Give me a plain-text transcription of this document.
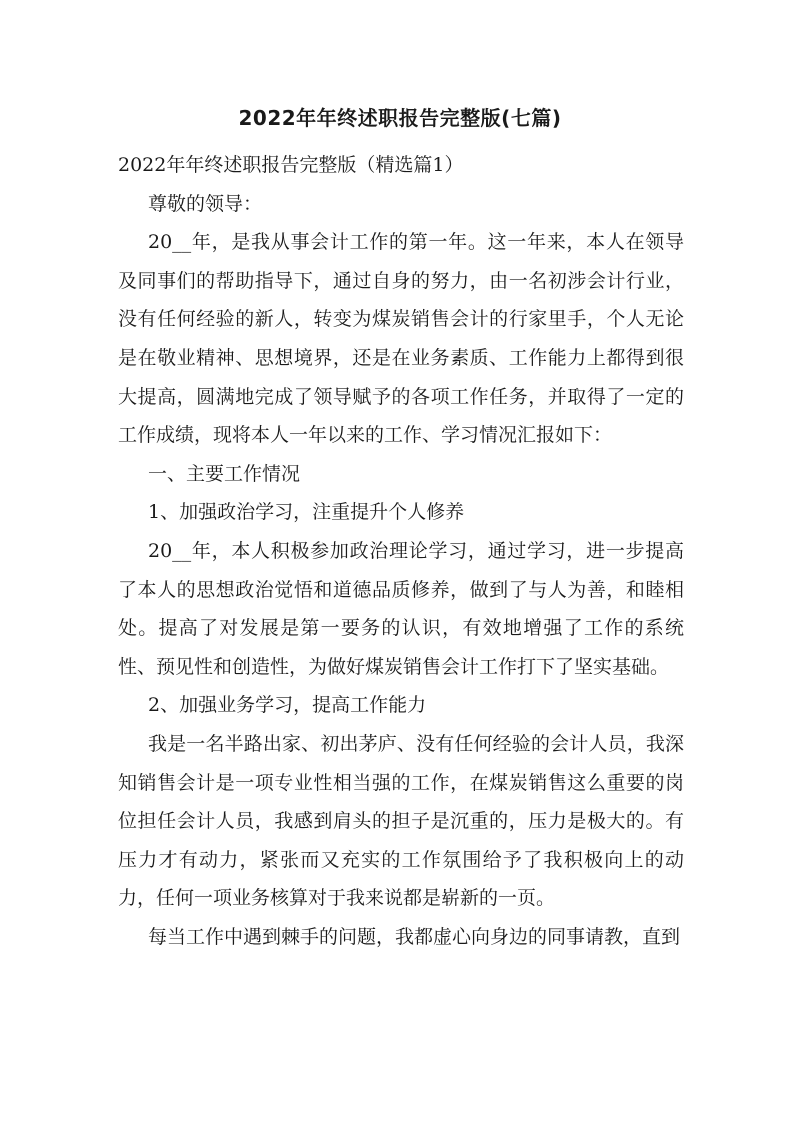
2022年年终述职报告完整版(七篇)

2022年年终述职报告完整版（精选篇1）

尊敬的领导：

20__年，是我从事会计工作的第一年。这一年来，本人在领导及同事们的帮助指导下，通过自身的努力，由一名初涉会计行业，没有任何经验的新人，转变为煤炭销售会计的行家里手，个人无论是在敬业精神、思想境界，还是在业务素质、工作能力上都得到很大提高，圆满地完成了领导赋予的各项工作任务，并取得了一定的工作成绩，现将本人一年以来的工作、学习情况汇报如下：

一、主要工作情况

1、加强政治学习，注重提升个人修养

20__年，本人积极参加政治理论学习，通过学习，进一步提高了本人的思想政治觉悟和道德品质修养，做到了与人为善，和睦相处。提高了对发展是第一要务的认识，有效地增强了工作的系统性、预见性和创造性，为做好煤炭销售会计工作打下了坚实基础。

2、加强业务学习，提高工作能力

我是一名半路出家、初出茅庐、没有任何经验的会计人员，我深知销售会计是一项专业性相当强的工作，在煤炭销售这么重要的岗位担任会计人员，我感到肩头的担子是沉重的，压力是极大的。有压力才有动力，紧张而又充实的工作氛围给予了我积极向上的动力，任何一项业务核算对于我来说都是崭新的一页。

每当工作中遇到棘手的问题，我都虚心向身边的同事请教，直到
